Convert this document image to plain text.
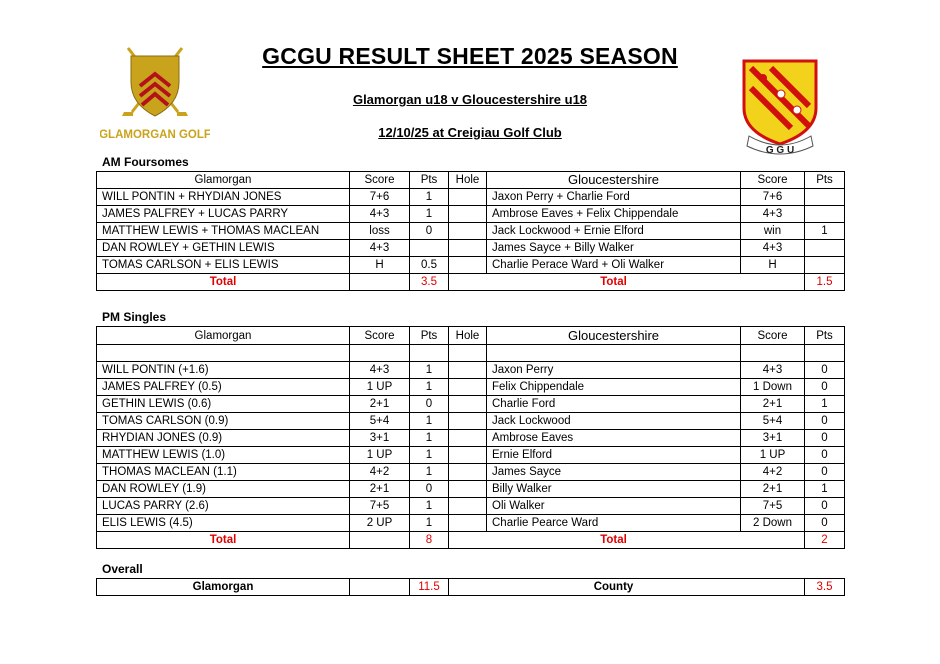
GCGU RESULT SHEET 2025 SEASON
Glamorgan u18 v Gloucestershire u18
12/10/25 at Creigiau Golf Club
GLAMORGAN GOLF
G G U
AM Foursomes
Glamorgan	Score	Pts	Hole	Gloucestershire	Score	Pts
WILL PONTIN + RHYDIAN JONES	7+6	1		Jaxon Perry + Charlie Ford	7+6	
JAMES PALFREY + LUCAS PARRY	4+3	1		Ambrose Eaves + Felix Chippendale	4+3	
MATTHEW LEWIS + THOMAS MACLEAN	loss	0		Jack Lockwood + Ernie Elford	win	1
DAN ROWLEY + GETHIN LEWIS	4+3			James Sayce + Billy Walker	4+3	
TOMAS CARLSON + ELIS LEWIS	H	0.5		Charlie Perace Ward + Oli Walker	H	
Total		3.5		Total		1.5
PM Singles
Glamorgan	Score	Pts	Hole	Gloucestershire	Score	Pts

WILL PONTIN (+1.6)	4+3	1		Jaxon Perry	4+3	0
JAMES PALFREY (0.5)	1 UP	1		Felix Chippendale	1 Down	0
GETHIN LEWIS (0.6)	2+1	0		Charlie Ford	2+1	1
TOMAS CARLSON (0.9)	5+4	1		Jack Lockwood	5+4	0
RHYDIAN JONES (0.9)	3+1	1		Ambrose Eaves	3+1	0
MATTHEW LEWIS (1.0)	1 UP	1		Ernie Elford	1 UP	0
THOMAS MACLEAN (1.1)	4+2	1		James Sayce	4+2	0
DAN ROWLEY (1.9)	2+1	0		Billy Walker	2+1	1
LUCAS PARRY (2.6)	7+5	1		Oli Walker	7+5	0
ELIS LEWIS (4.5)	2 UP	1		Charlie Pearce Ward	2 Down	0
Total		8		Total		2
Overall
Glamorgan		11.5		County		3.5
